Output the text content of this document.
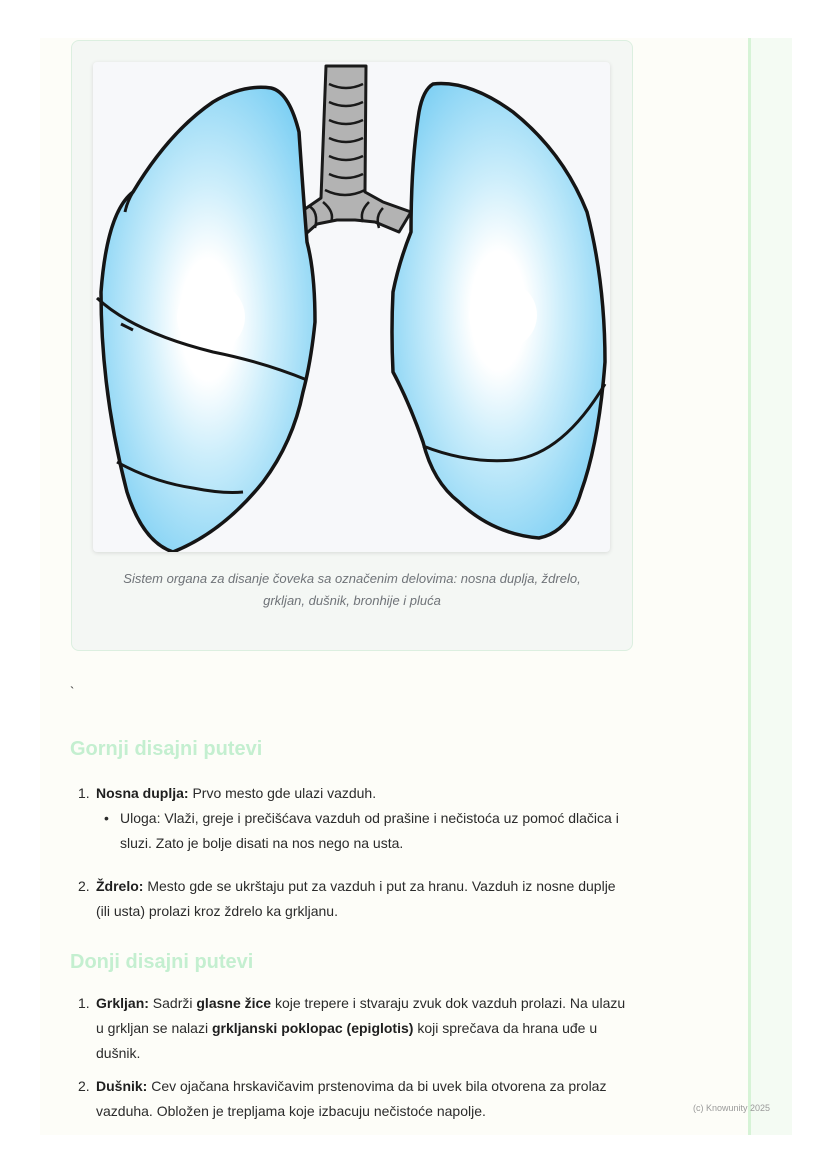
Sistem organa za disanje čoveka sa označenim delovima: nosna duplja, ždrelo,
grkljan, dušnik, bronhije i pluća
`
Gornji disajni putevi
1. Nosna duplja: Prvo mesto gde ulazi vazduh.
• Uloga: Vlaži, greje i prečišćava vazduh od prašine i nečistoća uz pomoć dlačica i sluzi. Zato je bolje disati na nos nego na usta.
2. Ždrelo: Mesto gde se ukrštaju put za vazduh i put za hranu. Vazduh iz nosne duplje (ili usta) prolazi kroz ždrelo ka grkljanu.
Donji disajni putevi
1. Grkljan: Sadrži glasne žice koje trepere i stvaraju zvuk dok vazduh prolazi. Na ulazu u grkljan se nalazi grkljanski poklopac (epiglotis) koji sprečava da hrana uđe u dušnik.
2. Dušnik: Cev ojačana hrskavičavim prstenovima da bi uvek bila otvorena za prolaz vazduha. Obložen je trepljama koje izbacuju nečistoće napolje.	(c) Knowunity 2025
